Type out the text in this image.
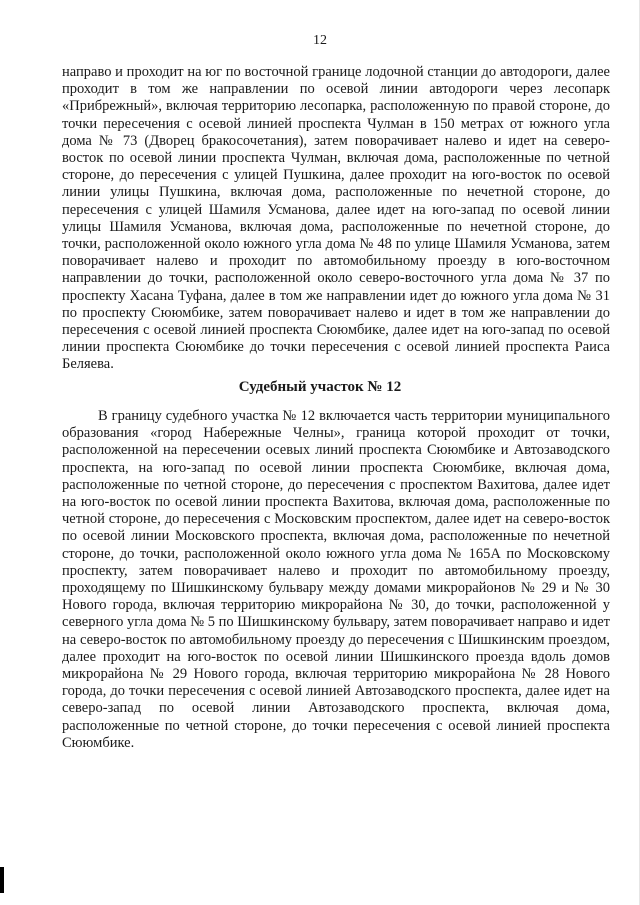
12

направо и проходит на юг по восточной границе лодочной станции до автодороги, далее проходит в том же направлении по осевой линии автодороги через лесопарк «Прибрежный», включая территорию лесопарка, расположенную по правой стороне, до точки пересечения с осевой линией проспекта Чулман в 150 метрах от южного угла дома № 73 (Дворец бракосочетания), затем поворачивает налево и идет на северо-восток по осевой линии проспекта Чулман, включая дома, расположенные по четной стороне, до пересечения с улицей Пушкина, далее проходит на юго-восток по осевой линии улицы Пушкина, включая дома, расположенные по нечетной стороне, до пересечения с улицей Шамиля Усманова, далее идет на юго-запад по осевой линии улицы Шамиля Усманова, включая дома, расположенные по нечетной стороне, до точки, расположенной около южного угла дома № 48 по улице Шамиля Усманова, затем поворачивает налево и проходит по автомобильному проезду в юго-восточном направлении до точки, расположенной около северо-восточного угла дома № 37 по проспекту Хасана Туфана, далее в том же направлении идет до южного угла дома № 31 по проспекту Сююмбике, затем поворачивает налево и идет в том же направлении до пересечения с осевой линией проспекта Сююмбике, далее идет на юго-запад по осевой линии проспекта Сююмбике до точки пересечения с осевой линией проспекта Раиса Беляева.

Судебный участок № 12

В границу судебного участка № 12 включается часть территории муниципального образования «город Набережные Челны», граница которой проходит от точки, расположенной на пересечении осевых линий проспекта Сююмбике и Автозаводского проспекта, на юго-запад по осевой линии проспекта Сююмбике, включая дома, расположенные по четной стороне, до пересечения с проспектом Вахитова, далее идет на юго-восток по осевой линии проспекта Вахитова, включая дома, расположенные по четной стороне, до пересечения с Московским проспектом, далее идет на северо-восток по осевой линии Московского проспекта, включая дома, расположенные по нечетной стороне, до точки, расположенной около южного угла дома № 165А по Московскому проспекту, затем поворачивает налево и проходит по автомобильному проезду, проходящему по Шишкинскому бульвару между домами микрорайонов № 29 и № 30 Нового города, включая территорию микрорайона № 30, до точки, расположенной у северного угла дома № 5 по Шишкинскому бульвару, затем поворачивает направо и идет на северо-восток по автомобильному проезду до пересечения с Шишкинским проездом, далее проходит на юго-восток по осевой линии Шишкинского проезда вдоль домов микрорайона № 29 Нового города, включая территорию микрорайона № 28 Нового города, до точки пересечения с осевой линией Автозаводского проспекта, далее идет на северо-запад по осевой линии Автозаводского проспекта, включая дома, расположенные по четной стороне, до точки пересечения с осевой линией проспекта Сююмбике.
